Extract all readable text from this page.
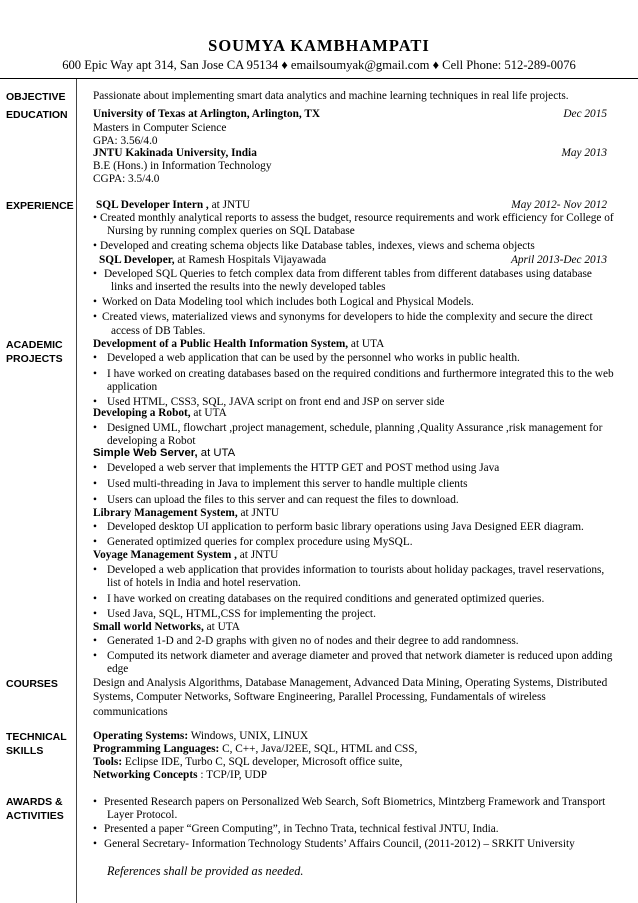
SOUMYA KAMBHAMPATI
600 Epic Way apt 314, San Jose CA 95134 ♦ emailsoumyak@gmail.com ♦ Cell Phone: 512-289-0076
OBJECTIVE Passionate about implementing smart data analytics and machine learning techniques in real life projects.
EDUCATION University of Texas at Arlington, Arlington, TX	Dec 2015
Masters in Computer Science
GPA: 3.56/4.0
JNTU Kakinada University, India	May 2013
B.E (Hons.) in Information Technology
CGPA: 3.5/4.0
EXPERIENCE SQL Developer Intern , at JNTU	May 2012- Nov 2012
• Created monthly analytical reports to assess the budget, resource requirements and work efficiency for College of
Nursing by running complex queries on SQL Database
• Developed and creating schema objects like Database tables, indexes, views and schema objects
SQL Developer, at Ramesh Hospitals Vijayawada	April 2013-Dec 2013
• Developed SQL Queries to fetch complex data from different tables from different databases using database
links and inserted the results into the newly developed tables
• Worked on Data Modeling tool which includes both Logical and Physical Models.
• Created views, materialized views and synonyms for developers to hide the complexity and secure the direct
access of DB Tables.
ACADEMIC
PROJECTS
Development of a Public Health Information System, at UTA
• Developed a web application that can be used by the personnel who works in public health.
• I have worked on creating databases based on the required conditions and furthermore integrated this to the web
application
• Used HTML, CSS3, SQL, JAVA script on front end and JSP on server side
Developing a Robot, at UTA
• Designed UML, flowchart ,project management, schedule, planning ,Quality Assurance ,risk management for
developing a Robot
Simple Web Server, at UTA
• Developed a web server that implements the HTTP GET and POST method using Java
• Used multi-threading in Java to implement this server to handle multiple clients
• Users can upload the files to this server and can request the files to download.
Library Management System, at JNTU
• Developed desktop UI application to perform basic library operations using Java Designed EER diagram.
• Generated optimized queries for complex procedure using MySQL.
Voyage Management System , at JNTU
• Developed a web application that provides information to tourists about holiday packages, travel reservations,
list of hotels in India and hotel reservation.
• I have worked on creating databases on the required conditions and generated optimized queries.
• Used Java, SQL, HTML,CSS for implementing the project.
Small world Networks, at UTA
• Generated 1-D and 2-D graphs with given no of nodes and their degree to add randomness.
• Computed its network diameter and average diameter and proved that network diameter is reduced upon adding
edge
COURSES	Design and Analysis Algorithms, Database Management, Advanced Data Mining, Operating Systems, Distributed
Systems, Computer Networks, Software Engineering, Parallel Processing, Fundamentals of wireless
communications
TECHNICAL
SKILLS
Operating Systems: Windows, UNIX, LINUX
Programming Languages: C, C++, Java/J2EE, SQL, HTML and CSS,
Tools: Eclipse IDE, Turbo C, SQL developer, Microsoft office suite,
Networking Concepts : TCP/IP, UDP
AWARDS &
ACTIVITIES
• Presented Research papers on Personalized Web Search, Soft Biometrics, Mintzberg Framework and Transport
Layer Protocol.
• Presented a paper “Green Computing”, in Techno Trata, technical festival JNTU, India.
• General Secretary- Information Technology Students’ Affairs Council, (2011-2012) – SRKIT University
References shall be provided as needed.
